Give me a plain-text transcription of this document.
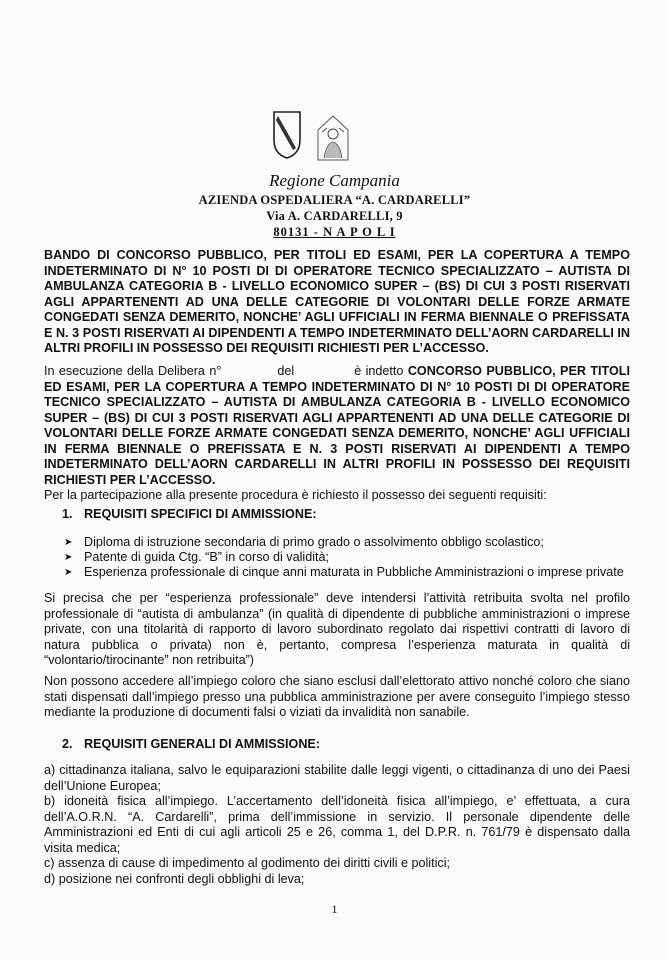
Regione Campania
AZIENDA OSPEDALIERA “A. CARDARELLI”
Via A. CARDARELLI, 9
80131 - N A P O L I
BANDO DI CONCORSO PUBBLICO, PER TITOLI ED ESAMI, PER LA COPERTURA A TEMPO INDETERMINATO DI N° 10 POSTI DI DI OPERATORE TECNICO SPECIALIZZATO – AUTISTA DI AMBULANZA CATEGORIA B - LIVELLO ECONOMICO SUPER – (BS) DI CUI 3 POSTI RISERVATI AGLI APPARTENENTI AD UNA DELLE CATEGORIE DI VOLONTARI DELLE FORZE ARMATE CONGEDATI SENZA DEMERITO, NONCHE’ AGLI UFFICIALI IN FERMA BIENNALE O PREFISSATA E N. 3 POSTI RISERVATI AI DIPENDENTI A TEMPO INDETERMINATO DELL’AORN CARDARELLI IN ALTRI PROFILI IN POSSESSO DEI REQUISITI RICHIESTI PER L’ACCESSO.
In esecuzione della Delibera n°	del	è indetto CONCORSO PUBBLICO, PER TITOLI ED ESAMI, PER LA COPERTURA A TEMPO INDETERMINATO DI N° 10 POSTI DI DI OPERATORE TECNICO SPECIALIZZATO – AUTISTA DI AMBULANZA CATEGORIA B - LIVELLO ECONOMICO SUPER – (BS) DI CUI 3 POSTI RISERVATI AGLI APPARTENENTI AD UNA DELLE CATEGORIE DI VOLONTARI DELLE FORZE ARMATE CONGEDATI SENZA DEMERITO, NONCHE’ AGLI UFFICIALI IN FERMA BIENNALE O PREFISSATA E N. 3 POSTI RISERVATI AI DIPENDENTI A TEMPO INDETERMINATO DELL’AORN CARDARELLI IN ALTRI PROFILI IN POSSESSO DEI REQUISITI RICHIESTI PER L’ACCESSO.
Per la partecipazione alla presente procedura è richiesto il possesso dei seguenti requisiti:
1. REQUISITI SPECIFICI DI AMMISSIONE:
➤ Diploma di istruzione secondaria di primo grado o assolvimento obbligo scolastico;
➤ Patente di guida Ctg. “B” in corso di validità;
➤ Esperienza professionale di cinque anni maturata in Pubbliche Amministrazioni o imprese private
Si precisa che per “esperienza professionale” deve intendersi l’attività retribuita svolta nel profilo professionale di “autista di ambulanza” (in qualità di dipendente di pubbliche amministrazioni o imprese private, con una titolarità di rapporto di lavoro subordinato regolato dai rispettivi contratti di lavoro di natura pubblica o privata) non è, pertanto, compresa l’esperienza maturata in qualità di “volontario/tirocinante” non retribuita”)
Non possono accedere all’impiego coloro che siano esclusi dall’elettorato attivo nonché coloro che siano stati dispensati dall’impiego presso una pubblica amministrazione per avere conseguito l’impiego stesso mediante la produzione di documenti falsi o viziati da invalidità non sanabile.
2. REQUISITI GENERALI DI AMMISSIONE:
a) cittadinanza italiana, salvo le equiparazioni stabilite dalle leggi vigenti, o cittadinanza di uno dei Paesi dell’Unione Europea;
b) idoneità fisica all’impiego. L’accertamento dell’idoneità fisica all’impiego, e’ effettuata, a cura dell’A.O.R.N. “A. Cardarelli”, prima dell’immissione in servizio. Il personale dipendente delle Amministrazioni ed Enti di cui agli articoli 25 e 26, comma 1, del D.P.R. n. 761/79 è dispensato dalla visita medica;
c) assenza di cause di impedimento al godimento dei diritti civili e politici;
d) posizione nei confronti degli obblighi di leva;
1
